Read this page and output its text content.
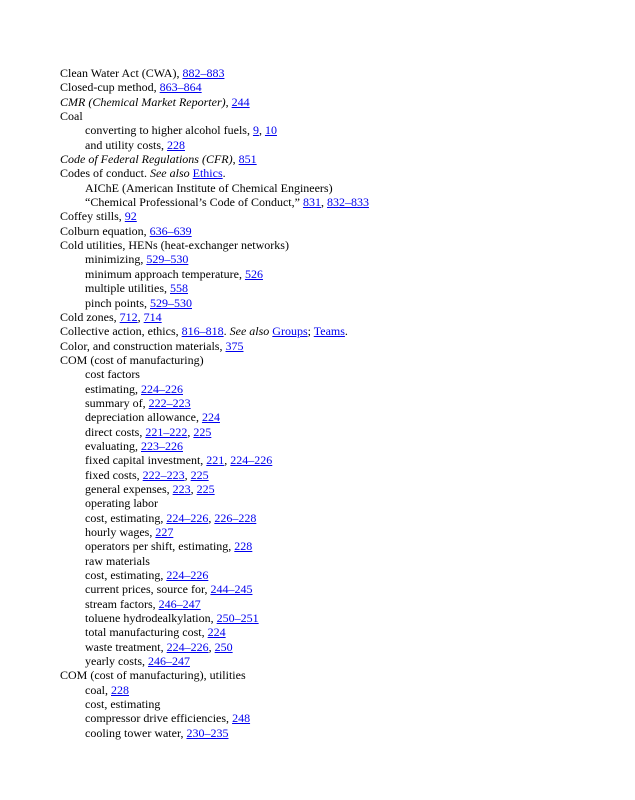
Clean Water Act (CWA), 882–883
Closed-cup method, 863–864
CMR (Chemical Market Reporter), 244
Coal
converting to higher alcohol fuels, 9, 10
and utility costs, 228
Code of Federal Regulations (CFR), 851
Codes of conduct. See also Ethics.
AIChE (American Institute of Chemical Engineers)
“Chemical Professional’s Code of Conduct,” 831, 832–833
Coffey stills, 92
Colburn equation, 636–639
Cold utilities, HENs (heat-exchanger networks)
minimizing, 529–530
minimum approach temperature, 526
multiple utilities, 558
pinch points, 529–530
Cold zones, 712, 714
Collective action, ethics, 816–818. See also Groups; Teams.
Color, and construction materials, 375
COM (cost of manufacturing)
cost factors
estimating, 224–226
summary of, 222–223
depreciation allowance, 224
direct costs, 221–222, 225
evaluating, 223–226
fixed capital investment, 221, 224–226
fixed costs, 222–223, 225
general expenses, 223, 225
operating labor
cost, estimating, 224–226, 226–228
hourly wages, 227
operators per shift, estimating, 228
raw materials
cost, estimating, 224–226
current prices, source for, 244–245
stream factors, 246–247
toluene hydrodealkylation, 250–251
total manufacturing cost, 224
waste treatment, 224–226, 250
yearly costs, 246–247
COM (cost of manufacturing), utilities
coal, 228
cost, estimating
compressor drive efficiencies, 248
cooling tower water, 230–235
